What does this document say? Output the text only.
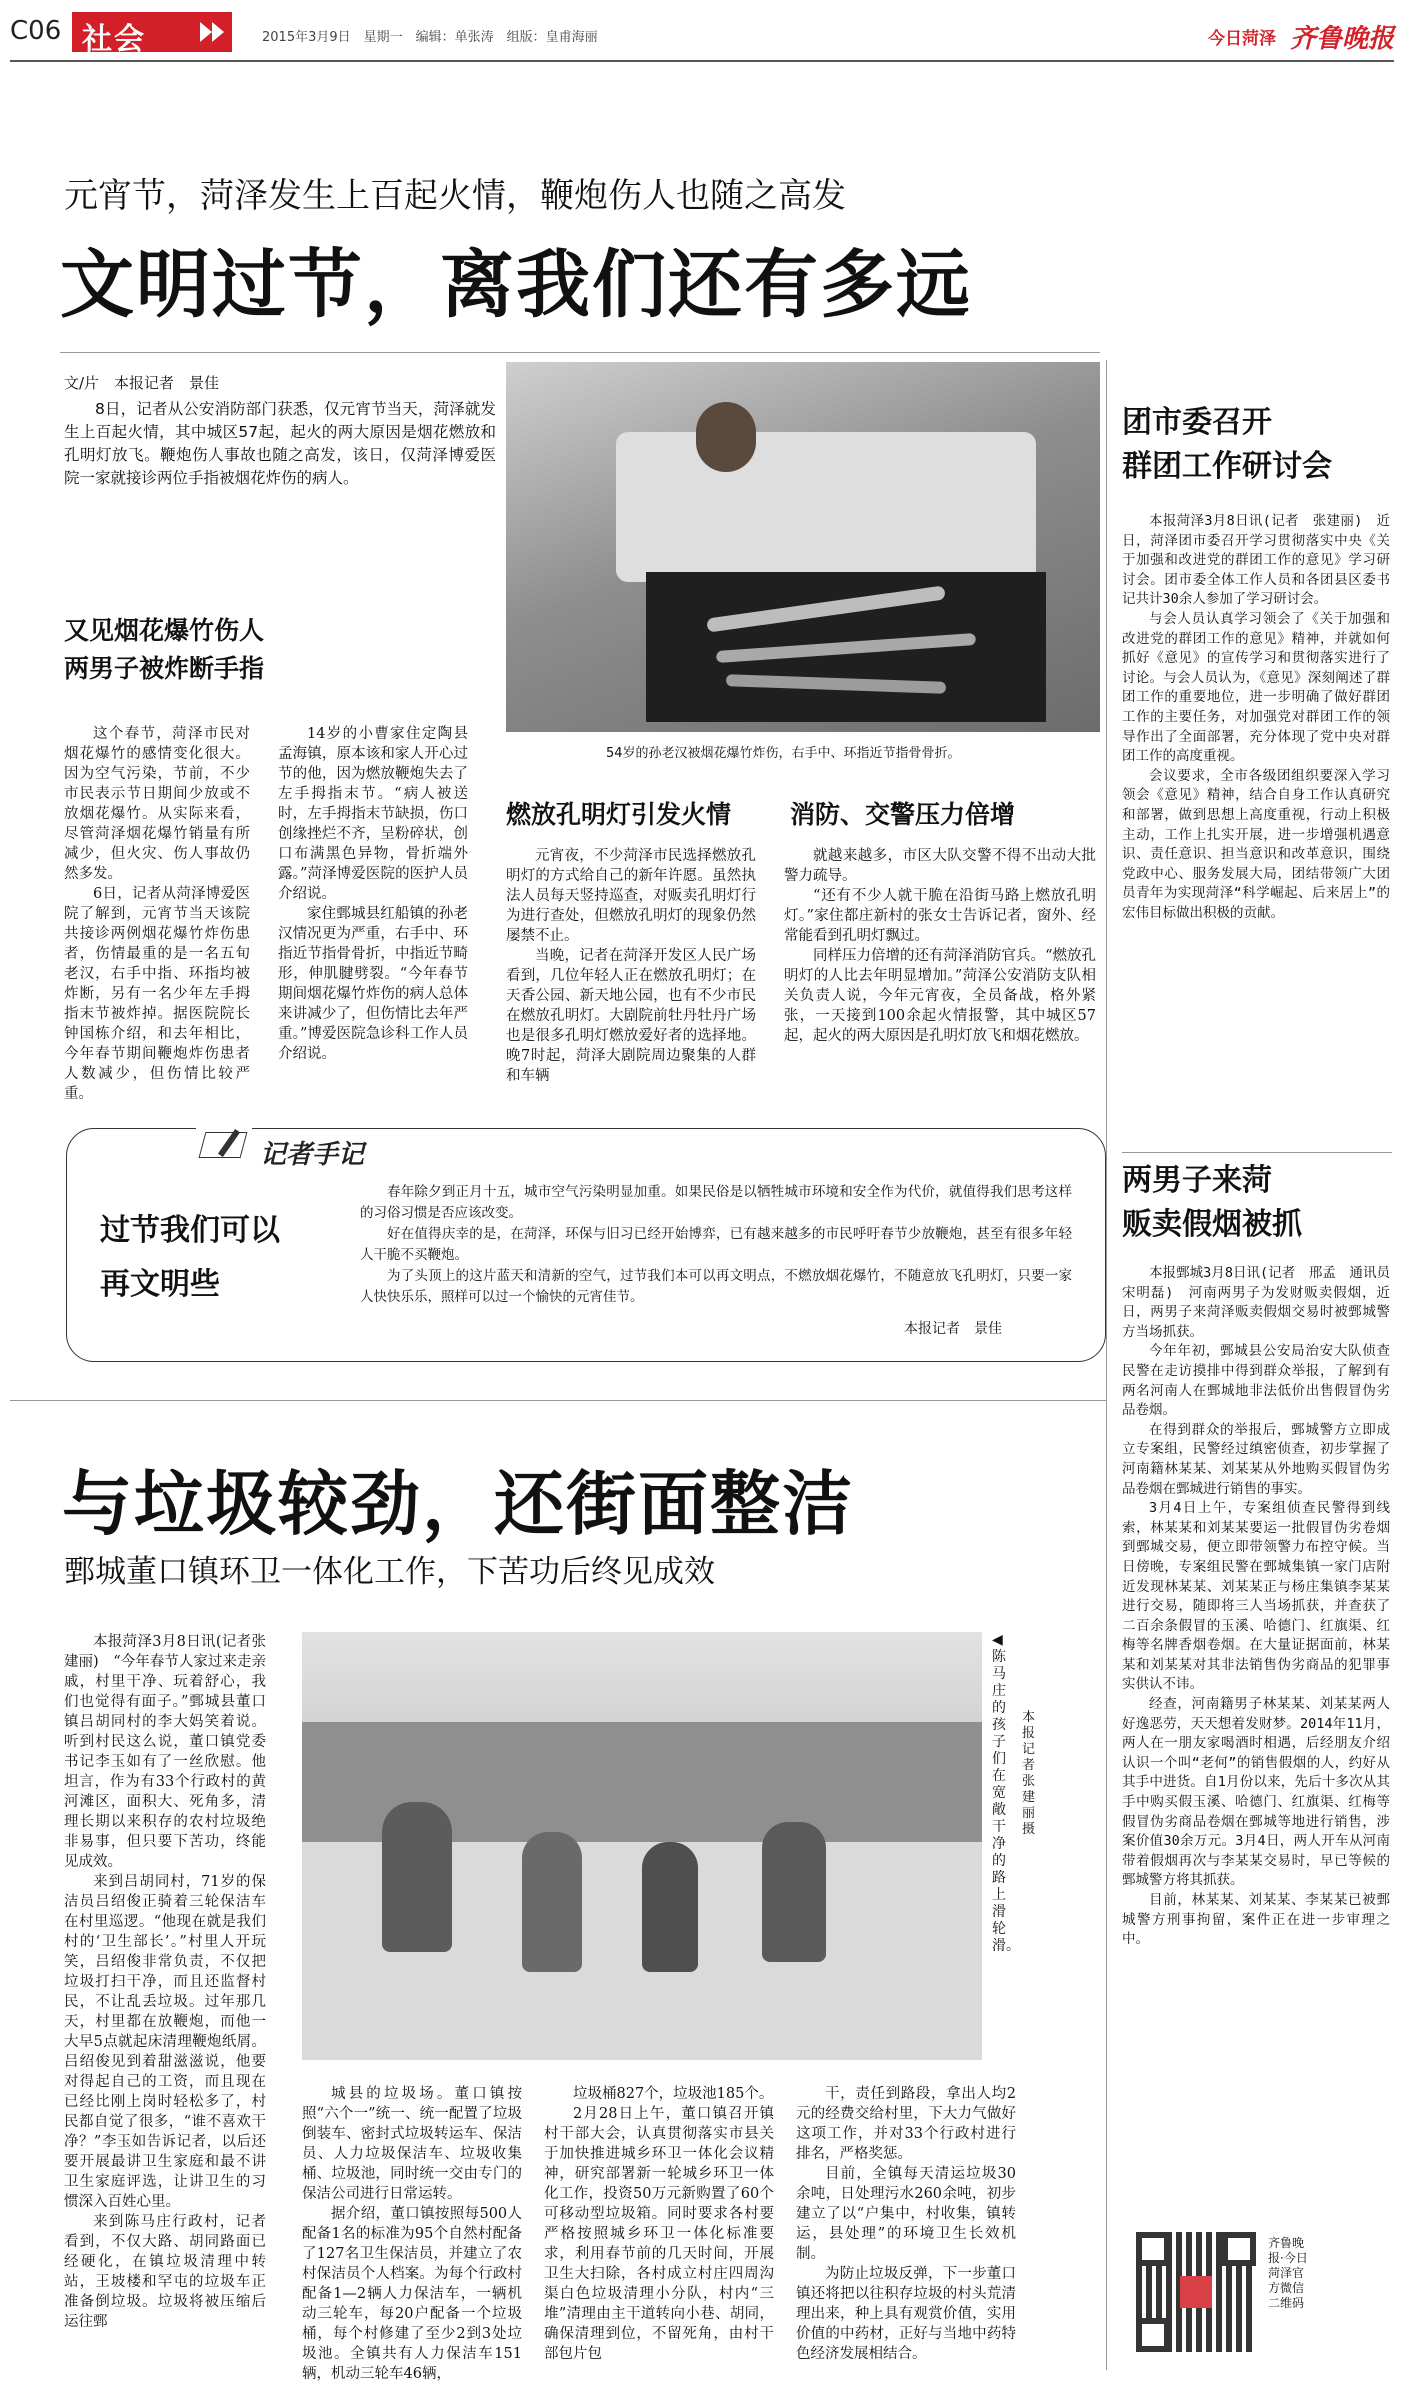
C06 社会	2015年3月9日　星期一　编辑：单张涛　组版：皇甫海丽	今日菏泽 齐鲁晚报
元宵节，菏泽发生上百起火情，鞭炮伤人也随之高发
文明过节，离我们还有多远
文/片　本报记者　景佳

8日，记者从公安消防部门获悉，仅元宵节当天，菏泽就发生上百起火情，其中城区57起，起火的两大原因是烟花燃放和孔明灯放飞。鞭炮伤人事故也随之高发，该日，仅菏泽博爱医院一家就接诊两位手指被烟花炸伤的病人。

54岁的孙老汉被烟花爆竹炸伤，右手中、环指近节指骨骨折。
又见烟花爆竹伤人
两男子被炸断手指

这个春节，菏泽市民对烟花爆竹的感情变化很大。因为空气污染，节前，不少市民表示节日期间少放或不放烟花爆竹。从实际来看，尽管菏泽烟花爆竹销量有所减少，但火灾、伤人事故仍然多发。

6日，记者从菏泽博爱医院了解到，元宵节当天该院共接诊两例烟花爆竹炸伤患者，伤情最重的是一名五旬老汉，右手中指、环指均被炸断，另有一名少年左手拇指末节被炸掉。据医院院长钟国栋介绍，和去年相比，今年春节期间鞭炮炸伤患者人数减少，但伤情比较严重。

14岁的小曹家住定陶县孟海镇，原本该和家人开心过节的他，因为燃放鞭炮失去了左手拇指末节。“病人被送时，左手拇指末节缺损，伤口创缘挫烂不齐，呈粉碎状，创口布满黑色异物，骨折端外露。”菏泽博爱医院的医护人员介绍说。

家住鄄城县红船镇的孙老汉情况更为严重，右手中、环指近节指骨骨折，中指近节畸形，伸肌腱劈裂。“今年春节期间烟花爆竹炸伤的病人总体来讲减少了，但伤情比去年严重。”博爱医院急诊科工作人员介绍说。

燃放孔明灯引发火情

元宵夜，不少菏泽市民选择燃放孔明灯的方式给自己的新年许愿。虽然执法人员每天竖持巡查，对贩卖孔明灯行为进行查处，但燃放孔明灯的现象仍然屡禁不止。

当晚，记者在菏泽开发区人民广场看到，几位年轻人正在燃放孔明灯；在天香公园、新天地公园，也有不少市民在燃放孔明灯。大剧院前牡丹牡丹广场也是很多孔明灯燃放爱好者的选择地。晚7时起，菏泽大剧院周边聚集的人群和车辆

消防、交警压力倍增

就越来越多，市区大队交警不得不出动大批警力疏导。

“还有不少人就干脆在沿街马路上燃放孔明灯。”家住都庄新村的张女士告诉记者，窗外、经常能看到孔明灯飘过。

同样压力倍增的还有菏泽消防官兵。“燃放孔明灯的人比去年明显增加。”菏泽公安消防支队相关负责人说，今年元宵夜，全员备战，格外紧张，一天接到100余起火情报警，其中城区57起，起火的两大原因是孔明灯放飞和烟花燃放。

记者手记
过节我们可以
再文明些

春年除夕到正月十五，城市空气污染明显加重。如果民俗是以牺牲城市环境和安全作为代价，就值得我们思考这样的习俗习惯是否应该改变。

好在值得庆幸的是，在菏泽，环保与旧习已经开始博弈，已有越来越多的市民呼吁春节少放鞭炮，甚至有很多年轻人干脆不买鞭炮。

为了头顶上的这片蓝天和清新的空气，过节我们本可以再文明点，不燃放烟花爆竹，不随意放飞孔明灯，只要一家人快快乐乐，照样可以过一个愉快的元宵佳节。

本报记者　景佳
团市委召开
群团工作研讨会

本报菏泽3月8日讯(记者　张建丽)　近日，菏泽团市委召开学习贯彻落实中央《关于加强和改进党的群团工作的意见》学习研讨会。团市委全体工作人员和各团县区委书记共计30余人参加了学习研讨会。

与会人员认真学习领会了《关于加强和改进党的群团工作的意见》精神，并就如何抓好《意见》的宣传学习和贯彻落实进行了讨论。与会人员认为，《意见》深刻阐述了群团工作的重要地位，进一步明确了做好群团工作的主要任务，对加强党对群团工作的领导作出了全面部署，充分体现了党中央对群团工作的高度重视。

会议要求，全市各级团组织要深入学习领会《意见》精神，结合自身工作认真研究和部署，做到思想上高度重视，行动上积极主动，工作上扎实开展，进一步增强机遇意识、责任意识、担当意识和改革意识，围绕党政中心、服务发展大局，团结带领广大团员青年为实现菏泽“科学崛起、后来居上”的宏伟目标做出积极的贡献。

两男子来菏
贩卖假烟被抓

本报鄄城3月8日讯(记者　邢孟　通讯员　宋明磊)　河南两男子为发财贩卖假烟，近日，两男子来菏泽贩卖假烟交易时被鄄城警方当场抓获。

今年年初，鄄城县公安局治安大队侦查民警在走访摸排中得到群众举报，了解到有两名河南人在鄄城地非法低价出售假冒伪劣品卷烟。

在得到群众的举报后，鄄城警方立即成立专案组，民警经过缜密侦查，初步掌握了河南籍林某某、刘某某从外地购买假冒伪劣品卷烟在鄄城进行销售的事实。

3月4日上午，专案组侦查民警得到线索，林某某和刘某某要运一批假冒伪劣卷烟到鄄城交易，便立即带领警力布控守候。当日傍晚，专案组民警在鄄城集镇一家门店附近发现林某某、刘某某正与杨庄集镇李某某进行交易，随即将三人当场抓获，并查获了二百余条假冒的玉溪、哈德门、红旗渠、红梅等名牌香烟卷烟。在大量证据面前，林某某和刘某某对其非法销售伪劣商品的犯罪事实供认不讳。

经查，河南籍男子林某某、刘某某两人好逸恶劳，天天想着发财梦。2014年11月，两人在一朋友家喝酒时相遇，后经朋友介绍认识一个叫“老何”的销售假烟的人，约好从其手中进货。自1月份以来，先后十多次从其手中购买假玉溪、哈德门、红旗渠、红梅等假冒伪劣商品卷烟在鄄城等地进行销售，涉案价值30余万元。3月4日，两人开车从河南带着假烟再次与李某某交易时，早已等候的鄄城警方将其抓获。

目前，林某某、刘某某、李某某已被鄄城警方刑事拘留，案件正在进一步审理之中。

齐鲁晚报·今日菏泽官方微信二维码
与垃圾较劲，还街面整洁
鄄城董口镇环卫一体化工作，下苦功后终见成效

本报菏泽3月8日讯(记者张建丽)　“今年春节人家过来走亲戚，村里干净、玩着舒心，我们也觉得有面子。”鄄城县董口镇吕胡同村的李大妈笑着说。听到村民这么说，董口镇党委书记李玉如有了一丝欣慰。他坦言，作为有33个行政村的黄河滩区，面积大、死角多，清理长期以来积存的农村垃圾绝非易事，但只要下苦功，终能见成效。

来到吕胡同村，71岁的保洁员吕绍俊正骑着三轮保洁车在村里巡逻。“他现在就是我们村的‘卫生部长’。”村里人开玩笑，吕绍俊非常负责，不仅把垃圾打扫干净，而且还监督村民，不让乱丢垃圾。过年那几天，村里都在放鞭炮，而他一大早5点就起床清理鞭炮纸屑。吕绍俊见到着甜滋滋说，他要对得起自己的工资，而且现在已经比刚上岗时轻松多了，村民都自觉了很多，“谁不喜欢干净？”李玉如告诉记者，以后还要开展最讲卫生家庭和最不讲卫生家庭评选，让讲卫生的习惯深入百姓心里。

来到陈马庄行政村，记者看到，不仅大路、胡同路面已经硬化，在镇垃圾清理中转站，王坡楼和罕屯的垃圾车正准备倒垃圾。垃圾将被压缩后运往鄄

◀陈马庄的孩子们在宽敞干净的路上滑轮滑。
本报记者　张建丽　摄

城县的垃圾场。董口镇按照“六个一”统一、统一配置了垃圾倒装车、密封式垃圾转运车、保洁员、人力垃圾保洁车、垃圾收集桶、垃圾池，同时统一交由专门的保洁公司进行日常运转。

据介绍，董口镇按照每500人配备1名的标准为95个自然村配备了127名卫生保洁员，并建立了农村保洁员个人档案。为每个行政村配备1—2辆人力保洁车，一辆机动三轮车，每20户配备一个垃圾桶，每个村修建了至少2到3处垃圾池。全镇共有人力保洁车151辆，机动三轮车46辆，

垃圾桶827个，垃圾池185个。

2月28日上午，董口镇召开镇村干部大会，认真贯彻落实市县关于加快推进城乡环卫一体化会议精神，研究部署新一轮城乡环卫一体化工作，投资50万元新购置了60个可移动型垃圾箱。同时要求各村要严格按照城乡环卫一体化标准要求，利用春节前的几天时间，开展卫生大扫除，各村成立村庄四周沟渠白色垃圾清理小分队，村内“三堆”清理由主干道转向小巷、胡同，确保清理到位，不留死角，由村干部包片包

干，责任到路段，拿出人均2元的经费交给村里，下大力气做好这项工作，并对33个行政村进行排名，严格奖惩。

目前，全镇每天清运垃圾30余吨，日处理污水260余吨，初步建立了以“户集中，村收集，镇转运，县处理”的环境卫生长效机制。

为防止垃圾反弹，下一步董口镇还将把以往积存垃圾的村头荒清理出来，种上具有观赏价值，实用价值的中药材，正好与当地中药特色经济发展相结合。
